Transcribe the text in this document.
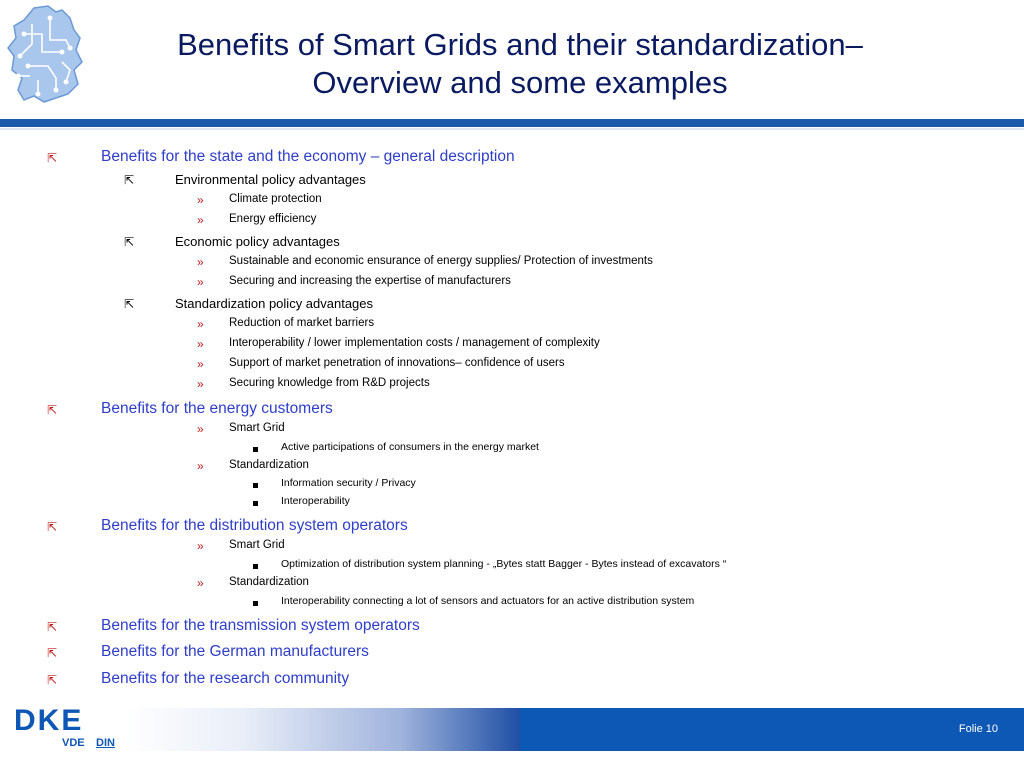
Benefits of Smart Grids and their standardization–
Overview and some examples
⇱	Benefits for the state and the economy – general description
⇱	Environmental policy advantages
» Climate protection
» Energy efficiency
⇱	Economic policy advantages
» Sustainable and economic ensurance of energy supplies/ Protection of investments
» Securing and increasing the expertise of manufacturers
⇱	Standardization policy advantages
» Reduction of market barriers
» Interoperability / lower implementation costs / management of complexity
» Support of market penetration of innovations– confidence of users
» Securing knowledge from R&D projects
⇱	Benefits for the energy customers
» Smart Grid
Active participations of consumers in the energy market
» Standardization
Information security / Privacy
Interoperability
⇱	Benefits for the distribution system operators
» Smart Grid
Optimization of distribution system planning - „Bytes statt Bagger - Bytes instead of excavators “
» Standardization
Interoperability connecting a lot of sensors and actuators for an active distribution system
⇱	Benefits for the transmission system operators
⇱	Benefits for the German manufacturers
⇱	Benefits for the research community
Folie 10
DKE
VDE DIN
